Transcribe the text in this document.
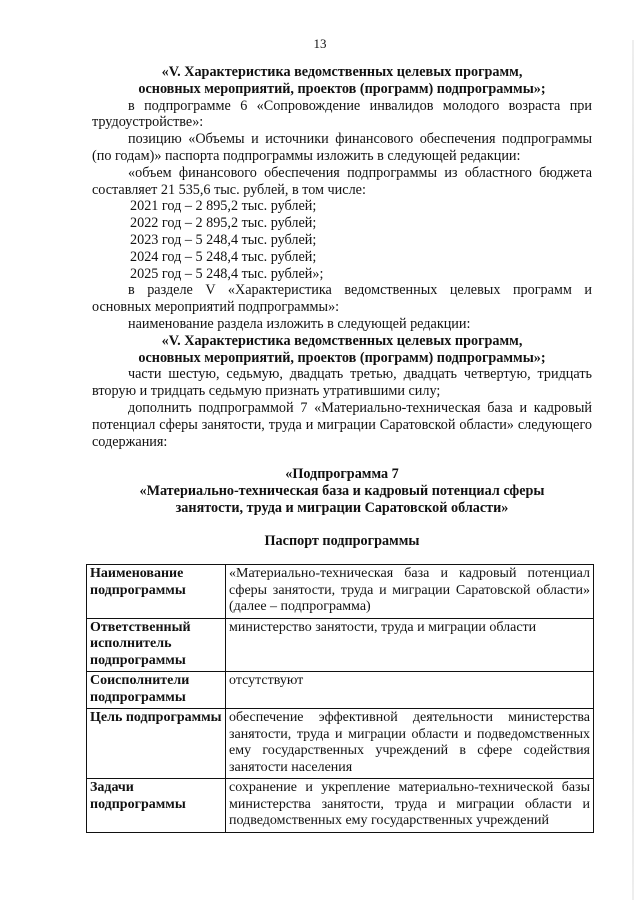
13

«V. Характеристика ведомственных целевых программ,

основных мероприятий, проектов (программ) подпрограммы»;

в подпрограмме 6 «Сопровождение инвалидов молодого возраста при трудоустройстве»:

позицию «Объемы и источники финансового обеспечения подпрограммы (по годам)» паспорта подпрограммы изложить в следующей редакции:

«объем финансового обеспечения подпрограммы из областного бюджета составляет 21 535,6 тыс. рублей, в том числе:

2021 год – 2 895,2 тыс. рублей;

2022 год – 2 895,2 тыс. рублей;

2023 год – 5 248,4 тыс. рублей;

2024 год – 5 248,4 тыс. рублей;

2025 год – 5 248,4 тыс. рублей»;

в разделе V «Характеристика ведомственных целевых программ и основных мероприятий подпрограммы»:

наименование раздела изложить в следующей редакции:

«V. Характеристика ведомственных целевых программ,

основных мероприятий, проектов (программ) подпрограммы»;

части шестую, седьмую, двадцать третью, двадцать четвертую, тридцать вторую и тридцать седьмую признать утратившими силу;

дополнить подпрограммой 7 «Материально-техническая база и кадровый потенциал сферы занятости, труда и миграции Саратовской области» следующего содержания:

«Подпрограмма 7

«Материально-техническая база и кадровый потенциал сферы

занятости, труда и миграции Саратовской области»

Паспорт подпрограммы

Наименование подпрограммы	«Материально-техническая база и кадровый потенциал сферы занятости, труда и миграции Саратовской области» (далее – подпрограмма)
Ответственный исполнитель подпрограммы	министерство занятости, труда и миграции области
Соисполнители подпрограммы	отсутствуют
Цель подпрограммы	обеспечение эффективной деятельности министерства занятости, труда и миграции области и подведомственных ему государственных учреждений в сфере содействия занятости населения
Задачи подпрограммы	сохранение и укрепление материально-технической базы министерства занятости, труда и миграции области и подведомственных ему государственных учреждений
